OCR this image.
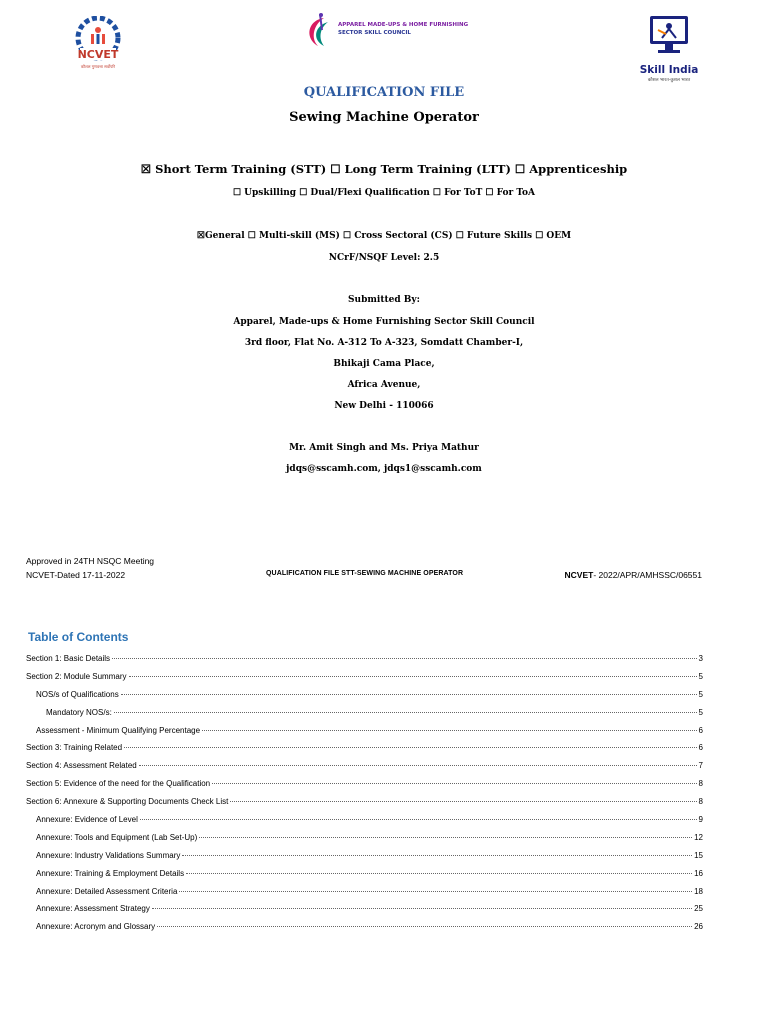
NCVET
कौशल गुणवत्ता सर्वोपरि
APPAREL MADE-UPS & HOME FURNISHING
SECTOR SKILL COUNCIL
Skill India
कौशल भारत-कुशल भारत
QUALIFICATION FILE
Sewing Machine Operator
☒ Short Term Training (STT) ☐ Long Term Training (LTT) ☐ Apprenticeship
☐ Upskilling ☐ Dual/Flexi Qualification ☐ For ToT ☐ For ToA
☒General ☐ Multi-skill (MS) ☐ Cross Sectoral (CS) ☐ Future Skills ☐ OEM
NCrF/NSQF Level: 2.5
Submitted By:
Apparel, Made-ups & Home Furnishing Sector Skill Council
3rd floor, Flat No. A-312 To A-323, Somdatt Chamber-I,
Bhikaji Cama Place,
Africa Avenue,
New Delhi - 110066
Mr. Amit Singh and Ms. Priya Mathur
jdqs@sscamh.com, jdqs1@sscamh.com
Approved in 24TH NSQC Meeting
NCVET-Dated 17-11-2022	QUALIFICATION FILE STT-SEWING MACHINE OPERATOR	NCVET- 2022/APR/AMHSSC/06551
Table of Contents
Section 1: Basic Details	3
Section 2: Module Summary	5
NOS/s of Qualifications	5
Mandatory NOS/s:	5
Assessment - Minimum Qualifying Percentage	6
Section 3: Training Related	6
Section 4: Assessment Related	7
Section 5: Evidence of the need for the Qualification	8
Section 6: Annexure & Supporting Documents Check List	8
Annexure: Evidence of Level	9
Annexure: Tools and Equipment (Lab Set-Up)	12
Annexure: Industry Validations Summary	15
Annexure: Training & Employment Details	16
Annexure: Detailed Assessment Criteria	18
Annexure: Assessment Strategy	25
Annexure: Acronym and Glossary	26
